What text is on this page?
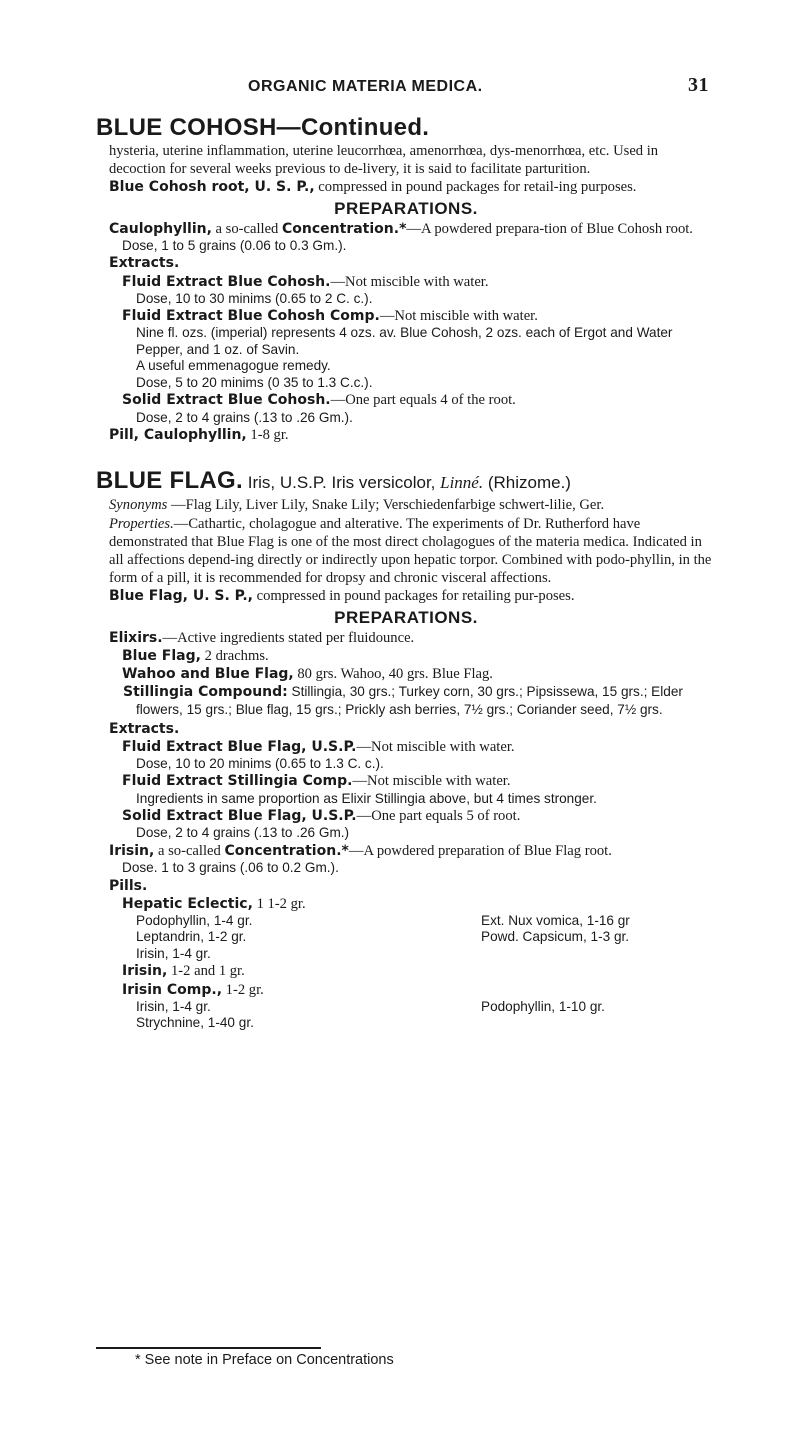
ORGANIC MATERIA MEDICA.	31
BLUE COHOSH—Continued.

hysteria, uterine inflammation, uterine leucorrhœa, amenorrhœa, dys-menorrhœa, etc. Used in decoction for several weeks previous to de-livery, it is said to facilitate parturition.

Blue Cohosh root, U. S. P., compressed in pound packages for retail-ing purposes.

PREPARATIONS.

Caulophyllin, a so-called Concentration.*—A powdered prepara-tion of Blue Cohosh root.

Dose, 1 to 5 grains (0.06 to 0.3 Gm.).

Extracts.

Fluid Extract Blue Cohosh.—Not miscible with water.

Dose, 10 to 30 minims (0.65 to 2 C. c.).

Fluid Extract Blue Cohosh Comp.—Not miscible with water.

Nine fl. ozs. (imperial) represents 4 ozs. av. Blue Cohosh, 2 ozs. each of Ergot and Water Pepper, and 1 oz. of Savin.

A useful emmenagogue remedy.

Dose, 5 to 20 minims (0 35 to 1.3 C.c.).

Solid Extract Blue Cohosh.—One part equals 4 of the root.

Dose, 2 to 4 grains (.13 to .26 Gm.).

Pill, Caulophyllin, 1-8 gr.

BLUE FLAG. Iris, U.S.P. Iris versicolor, Linné. (Rhizome.)

Synonyms —Flag Lily, Liver Lily, Snake Lily; Verschiedenfarbige schwert-lilie, Ger.

Properties.—Cathartic, cholagogue and alterative. The experiments of Dr. Rutherford have demonstrated that Blue Flag is one of the most direct cholagogues of the materia medica. Indicated in all affections depend-ing directly or indirectly upon hepatic torpor. Combined with podo-phyllin, in the form of a pill, it is recommended for dropsy and chronic visceral affections.

Blue Flag, U. S. P., compressed in pound packages for retailing pur-poses.

PREPARATIONS.

Elixirs.—Active ingredients stated per fluidounce.

Blue Flag, 2 drachms.

Wahoo and Blue Flag, 80 grs. Wahoo, 40 grs. Blue Flag.

Stillingia Compound: Stillingia, 30 grs.; Turkey corn, 30 grs.; Pipsissewa, 15 grs.; Elder flowers, 15 grs.; Blue flag, 15 grs.; Prickly ash berries, 7½ grs.; Coriander seed, 7½ grs.

Extracts.

Fluid Extract Blue Flag, U.S.P.—Not miscible with water.

Dose, 10 to 20 minims (0.65 to 1.3 C. c.).

Fluid Extract Stillingia Comp.—Not miscible with water.

Ingredients in same proportion as Elixir Stillingia above, but 4 times stronger.

Solid Extract Blue Flag, U.S.P.—One part equals 5 of root.

Dose, 2 to 4 grains (.13 to .26 Gm.)

Irisin, a so-called Concentration.*—A powdered preparation of Blue Flag root.

Dose. 1 to 3 grains (.06 to 0.2 Gm.).

Pills.

Hepatic Eclectic, 1 1-2 gr.

Podophyllin, 1-4 gr.	Ext. Nux vomica, 1-16 gr
Leptandrin, 1-2 gr.	Powd. Capsicum, 1-3 gr.
Irisin, 1-4 gr.

Irisin, 1-2 and 1 gr.

Irisin Comp., 1-2 gr.

Irisin, 1-4 gr.	Podophyllin, 1-10 gr.
Strychnine, 1-40 gr.
* See note in Preface on Concentrations
